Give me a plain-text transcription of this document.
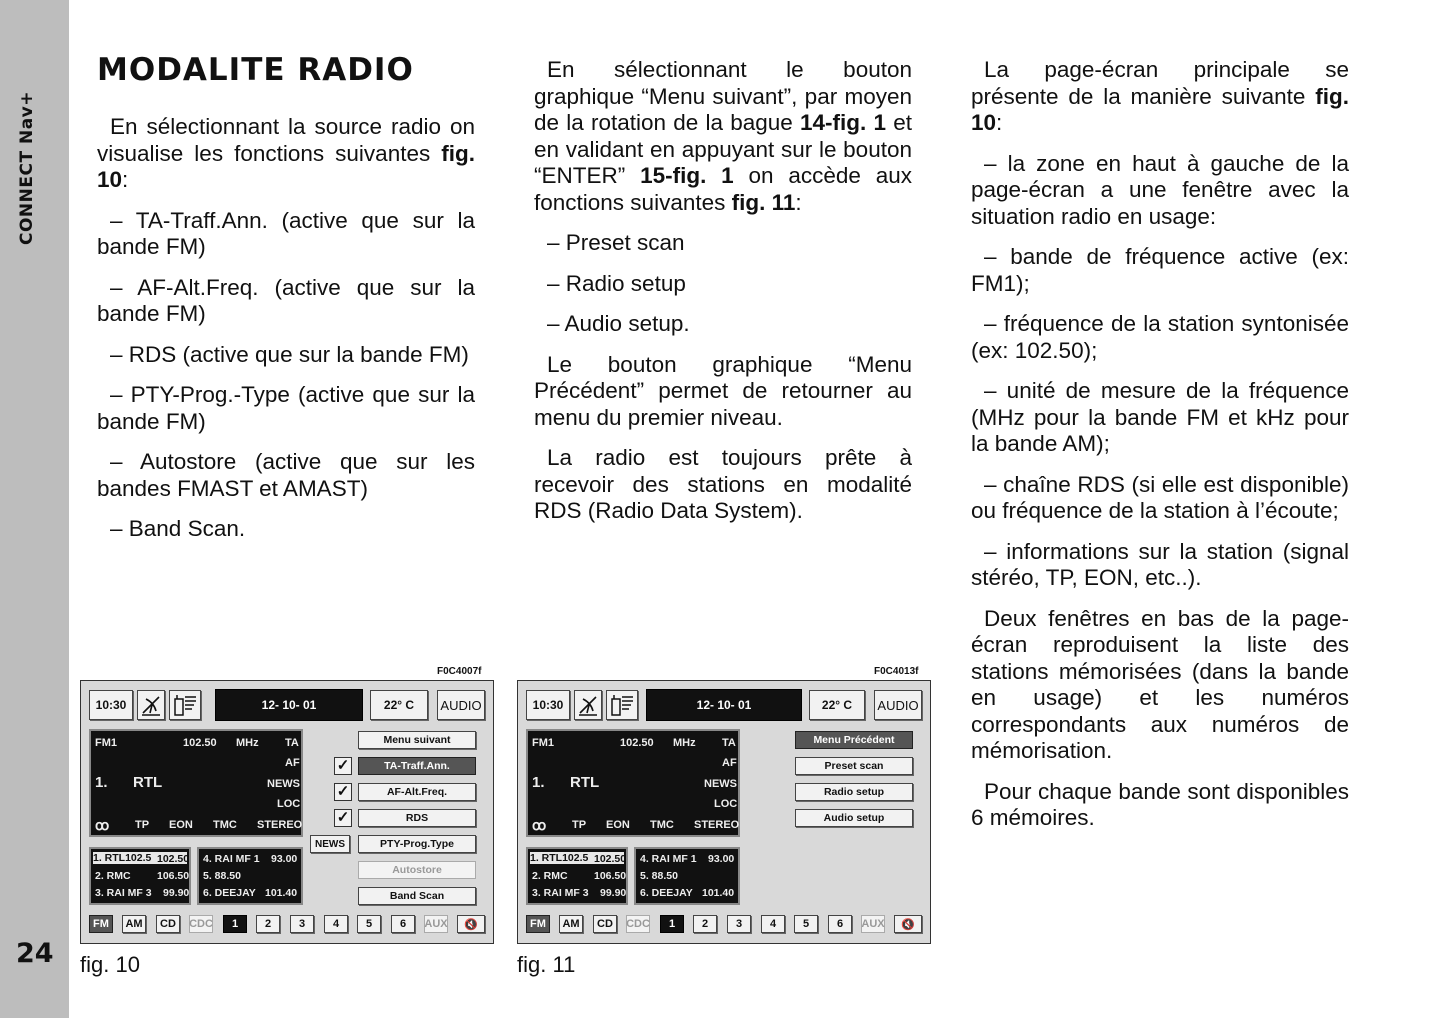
CONNECT Nav+
24
MODALITE RADIO

En sélectionnant la source radio on visualise les fonctions suivantes fig. 10:

– TA-Traff.Ann. (active que sur la bande FM)

– AF-Alt.Freq. (active que sur la bande FM)

– RDS (active que sur la bande FM)

– PTY-Prog.-Type (active que sur la bande FM)

– Autostore (active que sur les bandes FMAST et AMAST)

– Band Scan.

En sélectionnant le bouton graphique “Menu suivant”, par moyen de la rotation de la bague 14-fig. 1 et en validant en appuyant sur le bouton “ENTER” 15-fig. 1 on accède aux fonctions suivantes fig. 11:

– Preset scan

– Radio setup

– Audio setup.

Le bouton graphique “Menu Précédent” permet de retourner au menu du premier niveau.

La radio est toujours prête à recevoir des stations en modalité RDS (Radio Data System).

La page-écran principale se présente de la manière suivante fig. 10:

– la zone en haut à gauche de la page-écran a une fenêtre avec la situation radio en usage:

– bande de fréquence active (ex: FM1);

– fréquence de la station syntonisée (ex: 102.50);

– unité de mesure de la fréquence (MHz pour la bande FM et kHz pour la bande AM);

– chaîne RDS (si elle est disponible) ou fréquence de la station à l’écoute;

– informations sur la station (signal stéréo, TP, EON, etc..).

Deux fenêtres en bas de la page-écran reproduisent la liste des stations mémorisées (dans la bande en usage) et les numéros correspondants aux numéros de mémorisation.

Pour chaque bande sont disponibles 6 mémoires.

F0C4007f	F0C4013f
fig. 10	fig. 11
10:30	12- 10- 01	22° C	AUDIO
FM1	102.50 MHz TA
AF
NEWS
LOC
1. RTL
ꝏ TP EON TMC STEREO
✓
✓
✓
NEWS
Menu suivant
TA-Traff.Ann.
AF-Alt.Freq.
RDS
PTY-Prog.Type
Autostore
Band Scan
1. RTL102.5 102.50
2. RMC	106.50
3. RAI MF 3 99.90
4. RAI MF 1 93.00
5. 88.50
6. DEEJAY 101.40
FM	AM	CD	CDC	1	2	3	4	5	6	AUX	🔇
10:30	12- 10- 01	22° C	AUDIO
FM1	102.50 MHz TA
AF
NEWS
LOC
1. RTL
ꝏ TP EON TMC STEREO
Menu Précédent
Preset scan
Radio setup
Audio setup
1. RTL102.5 102.50
2. RMC	106.50
3. RAI MF 3 99.90
4. RAI MF 1 93.00
5. 88.50
6. DEEJAY 101.40
FM	AM	CD	CDC	1	2	3	4	5	6	AUX	🔇
